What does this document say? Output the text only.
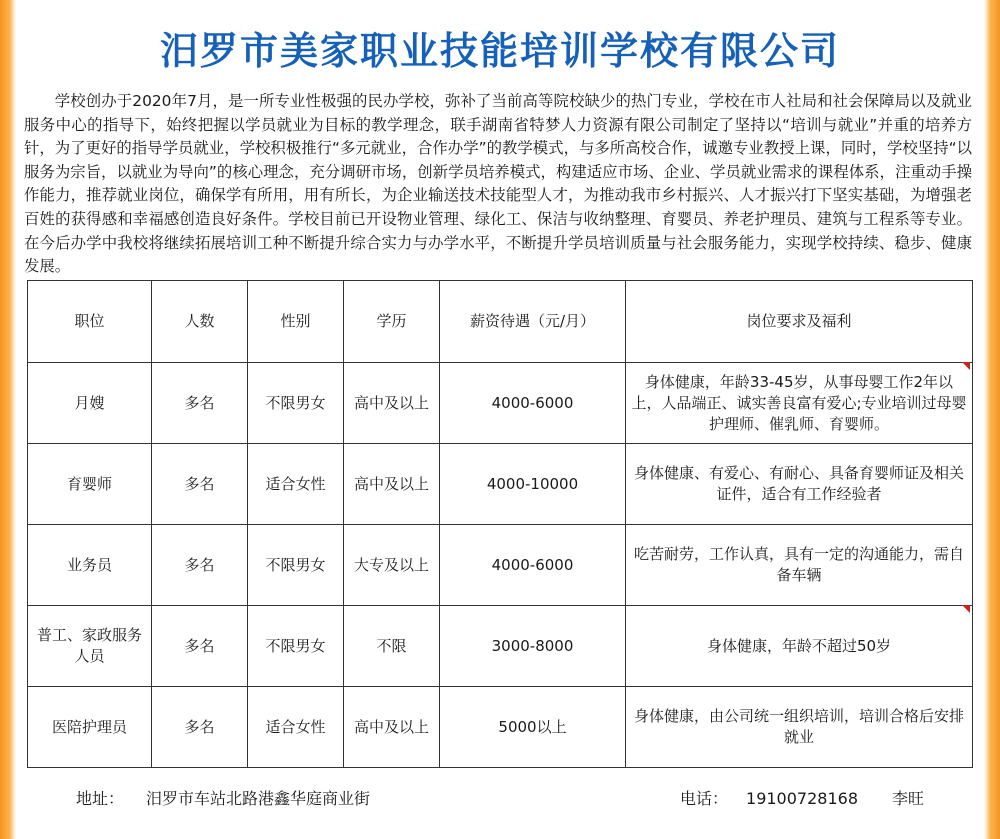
汨罗市美家职业技能培训学校有限公司

学校创办于2020年7月，是一所专业性极强的民办学校，弥补了当前高等院校缺少的热门专业，学校在市人社局和社会保障局以及就业服务中心的指导下，始终把握以学员就业为目标的教学理念，联手湖南省特梦人力资源有限公司制定了坚持以“培训与就业”并重的培养方针，为了更好的指导学员就业，学校积极推行“多元就业，合作办学”的教学模式，与多所高校合作，诚邀专业教授上课，同时，学校坚持“以服务为宗旨，以就业为导向”的核心理念，充分调研市场，创新学员培养模式，构建适应市场、企业、学员就业需求的课程体系，注重动手操作能力，推荐就业岗位，确保学有所用，用有所长，为企业输送技术技能型人才，为推动我市乡村振兴、人才振兴打下坚实基础，为增强老百姓的获得感和幸福感创造良好条件。学校目前已开设物业管理、绿化工、保洁与收纳整理、育婴员、养老护理员、建筑与工程系等专业。在今后办学中我校将继续拓展培训工种不断提升综合实力与办学水平，不断提升学员培训质量与社会服务能力，实现学校持续、稳步、健康发展。

职位	人数	性别	学历	薪资待遇（元/月）	岗位要求及福利
月嫂	多名	不限男女	高中及以上	4000-6000	身体健康，年龄33-45岁，从事母婴工作2年以上，人品端正、诚实善良富有爱心;专业培训过母婴护理师、催乳师、育婴师。
育婴师	多名	适合女性	高中及以上	4000-10000	身体健康、有爱心、有耐心、具备育婴师证及相关证件，适合有工作经验者
业务员	多名	不限男女	大专及以上	4000-6000	吃苦耐劳，工作认真，具有一定的沟通能力，需自备车辆
普工、家政服务人员	多名	不限男女	不限	3000-8000	身体健康，年龄不超过50岁
医陪护理员	多名	适合女性	高中及以上	5000以上	身体健康，由公司统一组织培训，培训合格后安排就业
地址： 汨罗市车站北路港鑫华庭商业街	电话： 19100728168 李旺
